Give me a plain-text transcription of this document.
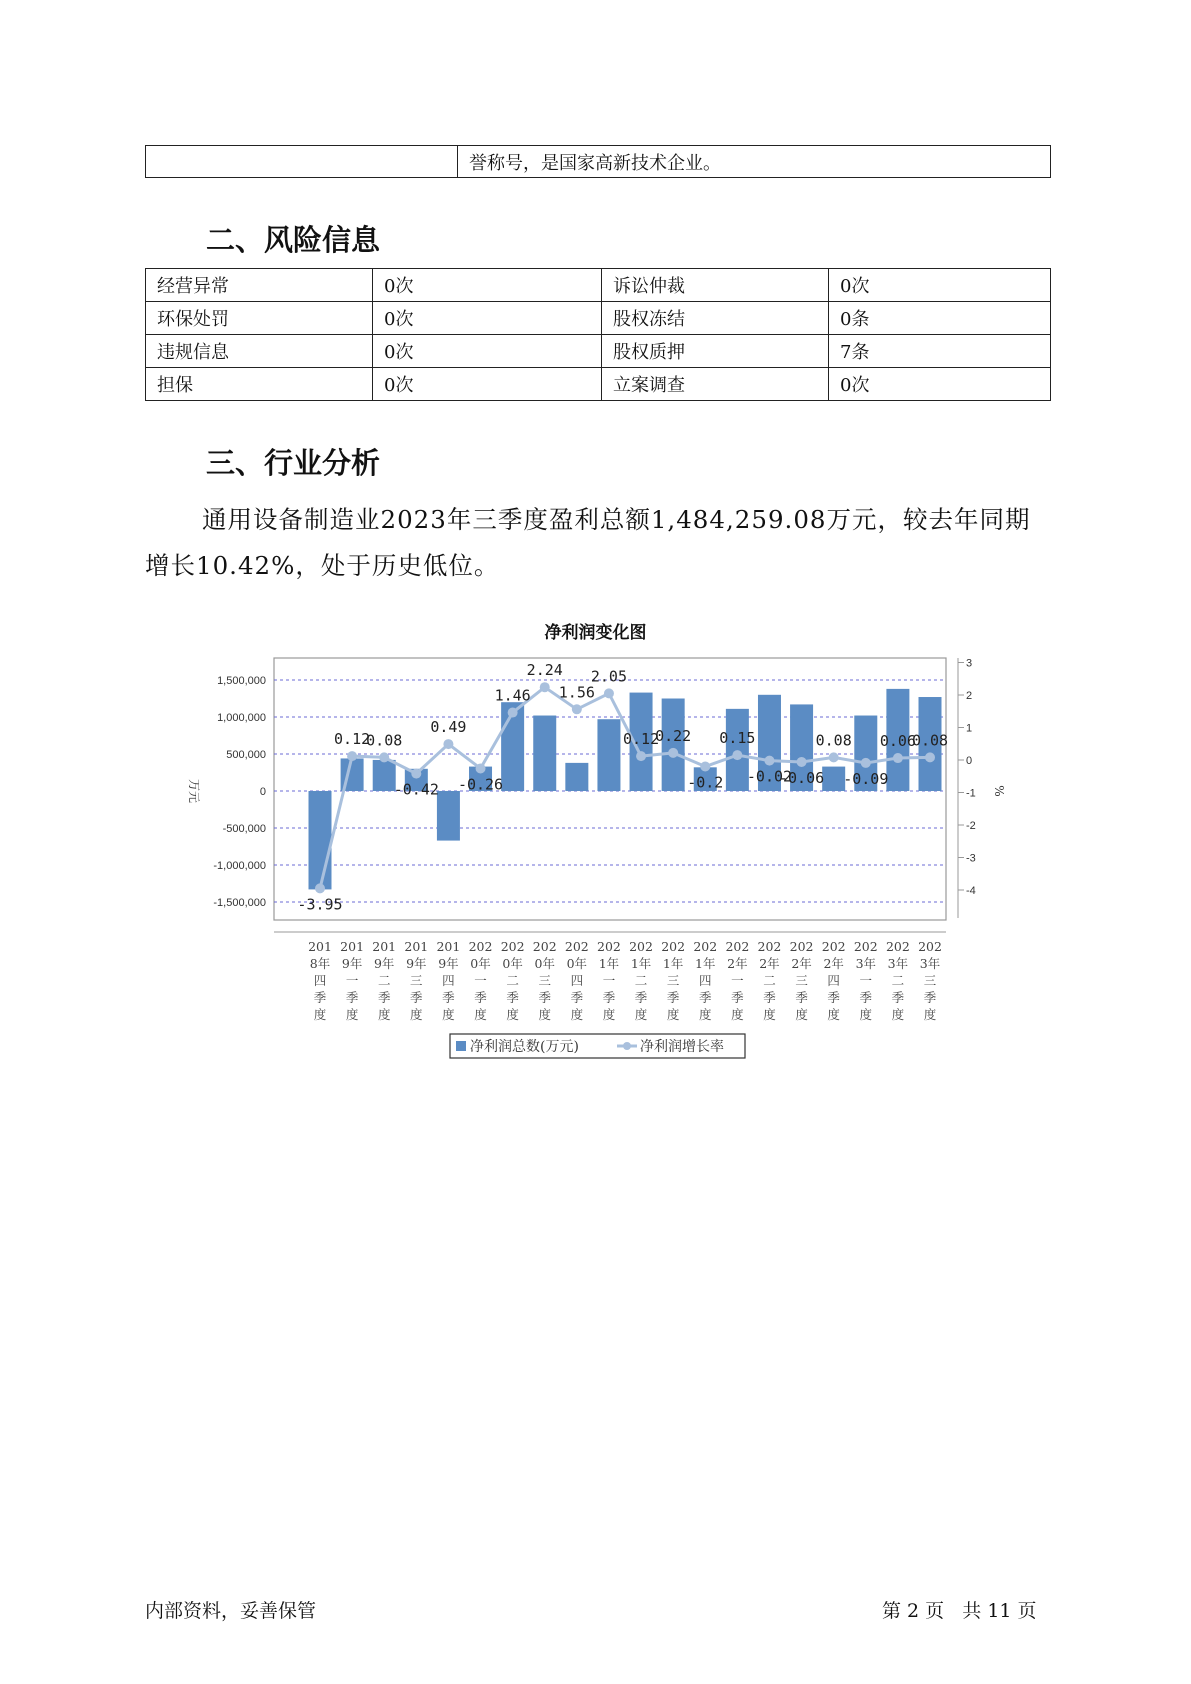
	誉称号，是国家高新技术企业。
二、风险信息
经营异常	0次	诉讼仲裁	0次
环保处罚	0次	股权冻结	0条
违规信息	0次	股权质押	7条
担保	0次	立案调查	0次
三、行业分析
通用设备制造业2023年三季度盈利总额1,484,259.08万元，较去年同期增长10.42%，处于历史低位。
净利润变化图
1,500,000
1,000,000
500,000
0
-500,000
-1,000,000
-1,500,000
3
2
1
0
-1
-2
-3
-4
万元	%
-3.95
0.12
0.08
-0.42
0.49
-0.26
1.46
2.24
1.56
2.05
0.12
0.22
-0.2
0.15
-0.02
-0.06
0.08
-0.09
0.06
0.08
201
8年
四
季
度
201
9年
一
季
度
201
9年
二
季
度
201
9年
三
季
度
201
9年
四
季
度
202
0年
一
季
度
202
0年
二
季
度
202
0年
三
季
度
202
0年
四
季
度
202
1年
一
季
度
202
1年
二
季
度
202
1年
三
季
度
202
1年
四
季
度
202
2年
一
季
度
202
2年
二
季
度
202
2年
三
季
度
202
2年
四
季
度
202
3年
一
季
度
202
3年
二
季
度
202
3年
三
季
度
净利润总数(万元)	净利润增长率
内部资料，妥善保管	第 2 页   共 11 页
